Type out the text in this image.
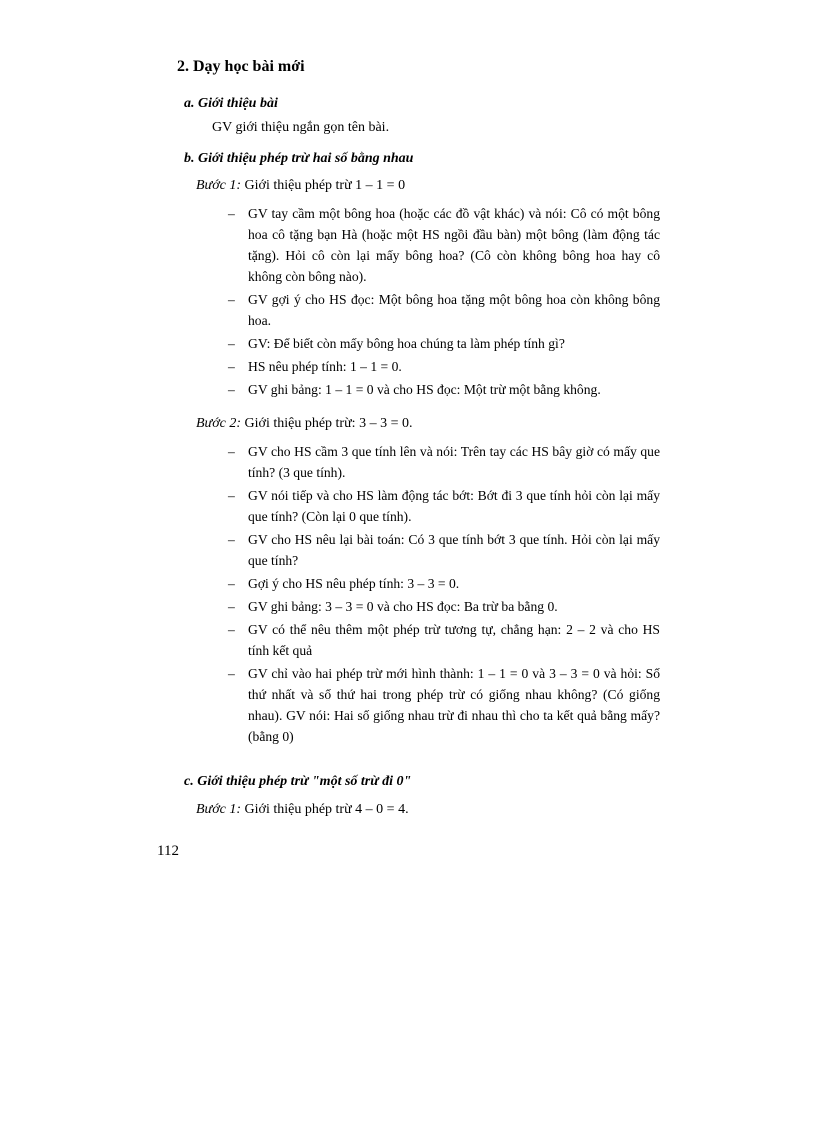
2. Dạy học bài mới

a. Giới thiệu bài

GV giới thiệu ngắn gọn tên bài.

b. Giới thiệu phép trừ hai số bằng nhau

Bước 1: Giới thiệu phép trừ 1 – 1 = 0

– GV tay cầm một bông hoa (hoặc các đồ vật khác) và nói: Cô có một bông hoa cô tặng bạn Hà (hoặc một HS ngồi đầu bàn) một bông (làm động tác tặng). Hỏi cô còn lại mấy bông hoa? (Cô còn không bông hoa hay cô không còn bông nào).
– GV gợi ý cho HS đọc: Một bông hoa tặng một bông hoa còn không bông hoa.
– GV: Để biết còn mấy bông hoa chúng ta làm phép tính gì?
– HS nêu phép tính: 1 – 1 = 0.
– GV ghi bảng: 1 – 1 = 0 và cho HS đọc: Một trừ một bằng không.

Bước 2: Giới thiệu phép trừ: 3 – 3 = 0.

– GV cho HS cầm 3 que tính lên và nói: Trên tay các HS bây giờ có mấy que tính? (3 que tính).
– GV nói tiếp và cho HS làm động tác bớt: Bớt đi 3 que tính hỏi còn lại mấy que tính? (Còn lại 0 que tính).
– GV cho HS nêu lại bài toán: Có 3 que tính bớt 3 que tính. Hỏi còn lại mấy que tính?
– Gợi ý cho HS nêu phép tính: 3 – 3 = 0.
– GV ghi bảng: 3 – 3 = 0 và cho HS đọc: Ba trừ ba bằng 0.
– GV có thể nêu thêm một phép trừ tương tự, chẳng hạn: 2 – 2 và cho HS tính kết quả
– GV chỉ vào hai phép trừ mới hình thành: 1 – 1 = 0 và 3 – 3 = 0 và hỏi: Số thứ nhất và số thứ hai trong phép trừ có giống nhau không? (Có giống nhau). GV nói: Hai số giống nhau trừ đi nhau thì cho ta kết quả bằng mấy? (bằng 0)

c. Giới thiệu phép trừ "một số trừ đi 0"

Bước 1: Giới thiệu phép trừ 4 – 0 = 4.

112
